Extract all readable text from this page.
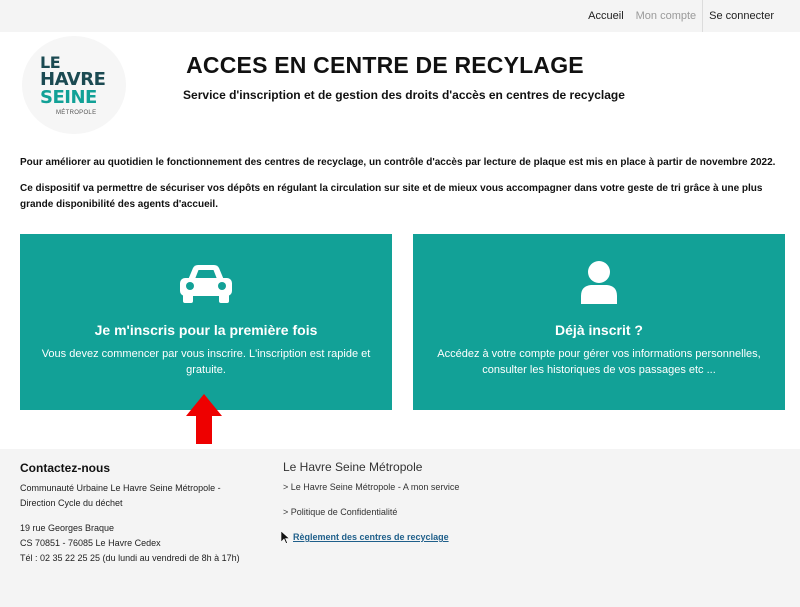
Accueil	Mon compte	Se connecter
LE
HAVRE
SEINE
MÉTROPOLE
ACCES EN CENTRE DE RECYLAGE
Service d'inscription et de gestion des droits d'accès en centres de recyclage

Pour améliorer au quotidien le fonctionnement des centres de recyclage, un contrôle d'accès par lecture de plaque est mis en place à partir de novembre 2022.

Ce dispositif va permettre de sécuriser vos dépôts en régulant la circulation sur site et de mieux vous accompagner dans votre geste de tri grâce à une plus grande disponibilité des agents d'accueil.

Je m'inscris pour la première fois
Vous devez commencer par vous inscrire. L'inscription est rapide et gratuite.
Déjà inscrit ?
Accédez à votre compte pour gérer vos informations personnelles, consulter les historiques de vos passages etc ...
Contactez-nous
Communauté Urbaine Le Havre Seine Métropole - Direction Cycle du déchet
19 rue Georges Braque
CS 70851 - 76085 Le Havre Cedex
Tél : 02 35 22 25 25 (du lundi au vendredi de 8h à 17h)
Le Havre Seine Métropole
> Le Havre Seine Métropole - A mon service
> Politique de Confidentialité
Règlement des centres de recyclage
